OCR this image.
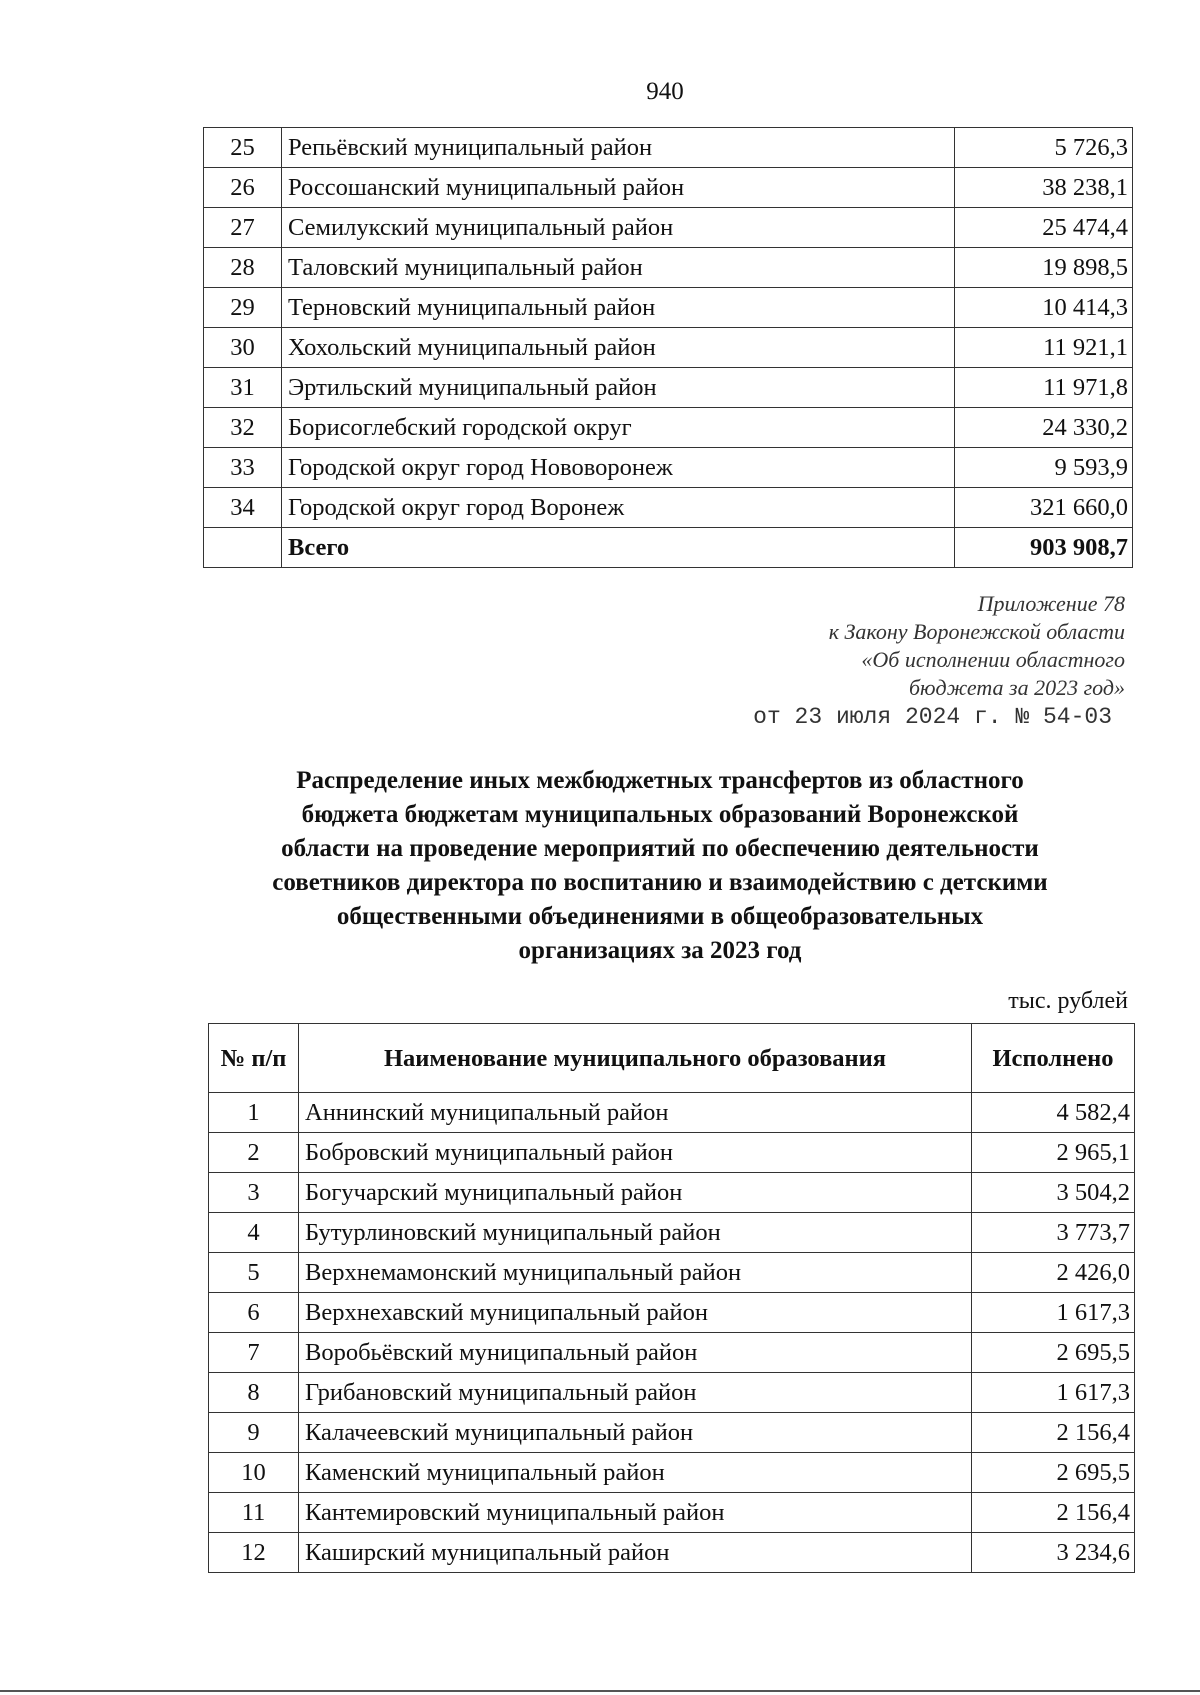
940
25	Репьёвский муниципальный район	5 726,3
26	Россошанский муниципальный район	38 238,1
27	Семилукский муниципальный район	25 474,4
28	Таловский муниципальный район	19 898,5
29	Терновский муниципальный район	10 414,3
30	Хохольский муниципальный район	11 921,1
31	Эртильский муниципальный район	11 971,8
32	Борисоглебский городской округ	24 330,2
33	Городской округ город Нововоронеж	9 593,9
34	Городской округ город Воронеж	321 660,0
	Всего	903 908,7
Приложение 78
к Закону Воронежской области
«Об исполнении областного
бюджета за 2023 год»
от 23 июля 2024 г. № 54-03
Распределение иных межбюджетных трансфертов из областного
бюджета бюджетам муниципальных образований Воронежской
области на проведение мероприятий по обеспечению деятельности
советников директора по воспитанию и взаимодействию с детскими
общественными объединениями в общеобразовательных
организациях за 2023 год
тыс. рублей
№ п/п	Наименование муниципального образования	Исполнено
1	Аннинский муниципальный район	4 582,4
2	Бобровский муниципальный район	2 965,1
3	Богучарский муниципальный район	3 504,2
4	Бутурлиновский муниципальный район	3 773,7
5	Верхнемамонский муниципальный район	2 426,0
6	Верхнехавский муниципальный район	1 617,3
7	Воробьёвский муниципальный район	2 695,5
8	Грибановский муниципальный район	1 617,3
9	Калачеевский муниципальный район	2 156,4
10	Каменский муниципальный район	2 695,5
11	Кантемировский муниципальный район	2 156,4
12	Каширский муниципальный район	3 234,6
